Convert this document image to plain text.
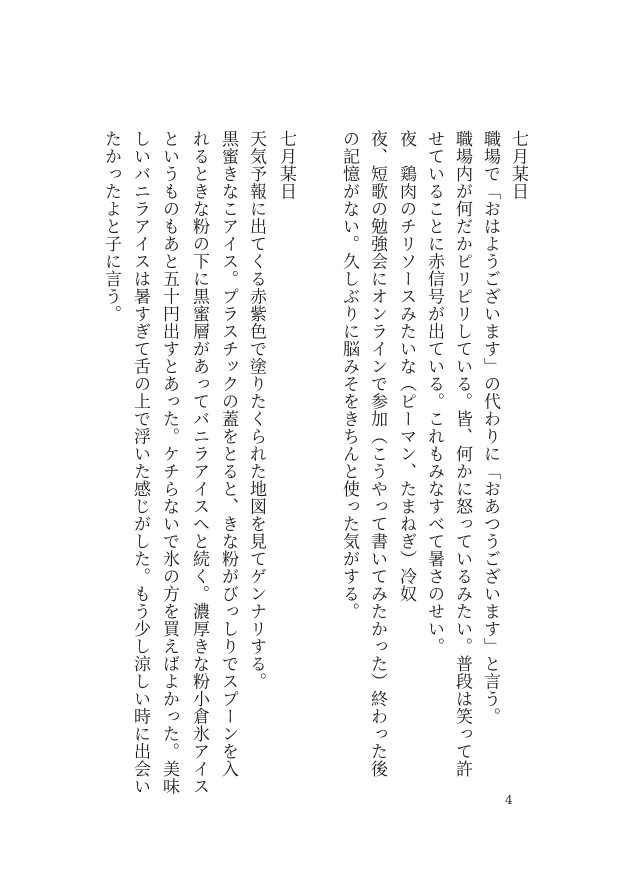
七月某日
職場で「おはようございます」の代わりに「おあつうございます」と言う。
職場内が何だかピリピリしている。皆、何かに怒っているみたい。普段は笑って許
せていることに赤信号が出ている。これもみなすべて暑さのせい。
夜　鶏肉のチリソースみたいな（ピーマン、たまねぎ）冷奴
夜、短歌の勉強会にオンラインで参加（こうやって書いてみたかった）終わった後
の記憶がない。久しぶりに脳みそをきちんと使った気がする。
七月某日
天気予報に出てくる赤紫色で塗りたくられた地図を見てゲンナリする。
黒蜜きなこアイス。プラスチックの蓋をとると、きな粉がびっしりでスプーンを入
れるときな粉の下に黒蜜層があってバニラアイスへと続く。濃厚きな粉小倉氷アイス
というものもあと五十円出すとあった。ケチらないで氷の方を買えばよかった。美味
しいバニラアイスは暑すぎて舌の上で浮いた感じがした。もう少し涼しい時に出会い
たかったよと子に言う。
4
